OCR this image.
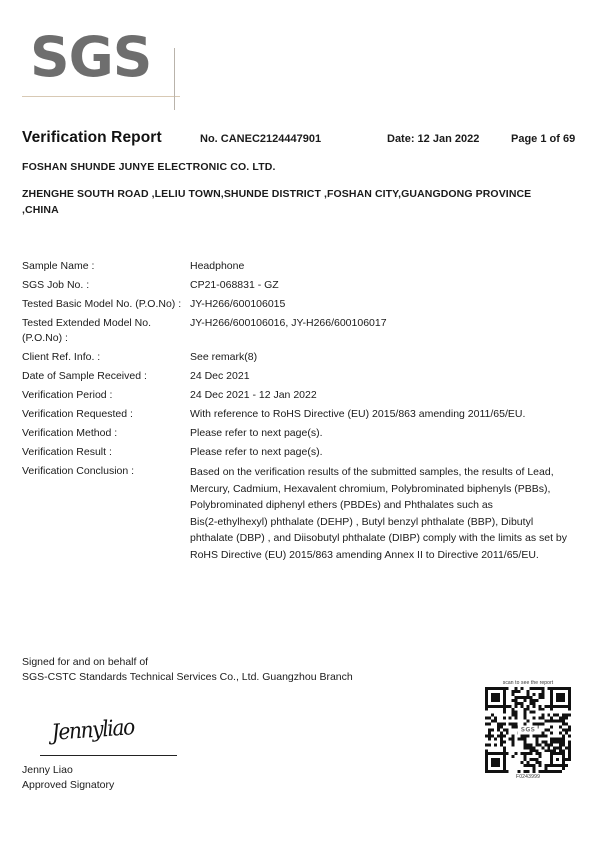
SGS
Verification Report	No. CANEC2124447901	Date: 12 Jan 2022	Page 1 of 69
FOSHAN SHUNDE JUNYE ELECTRONIC CO. LTD.
ZHENGHE SOUTH ROAD ,LELIU TOWN,SHUNDE DISTRICT ,FOSHAN CITY,GUANGDONG PROVINCE ,CHINA
Sample Name :	Headphone
SGS Job No. :	CP21-068831 - GZ
Tested Basic Model No. (P.O.No) : JY-H266/600106015
Tested Extended Model No. (P.O.No) :
JY-H266/600106016, JY-H266/600106017
Client Ref. Info. :	See remark(8)
Date of Sample Received :	24 Dec 2021
Verification Period :	24 Dec 2021 - 12 Jan 2022
Verification Requested :	With reference to RoHS Directive (EU) 2015/863 amending 2011/65/EU.
Verification Method :	Please refer to next page(s).
Verification Result :	Please refer to next page(s).
Verification Conclusion :	Based on the verification results of the submitted samples, the results of Lead,

Mercury, Cadmium, Hexavalent chromium, Polybrominated biphenyls (PBBs),

Polybrominated diphenyl ethers (PBDEs) and Phthalates such as

Bis(2-ethylhexyl) phthalate (DEHP) , Butyl benzyl phthalate (BBP), Dibutyl

phthalate (DBP) , and Diisobutyl phthalate (DIBP) comply with the limits as set by

RoHS Directive (EU) 2015/863 amending Annex II to Directive 2011/65/EU.

Signed for and on behalf of
SGS-CSTC Standards Technical Services Co., Ltd. Guangzhou Branch
Jennyliao
Jenny Liao
Approved Signatory
scan to see the report
SGS
F0243999
